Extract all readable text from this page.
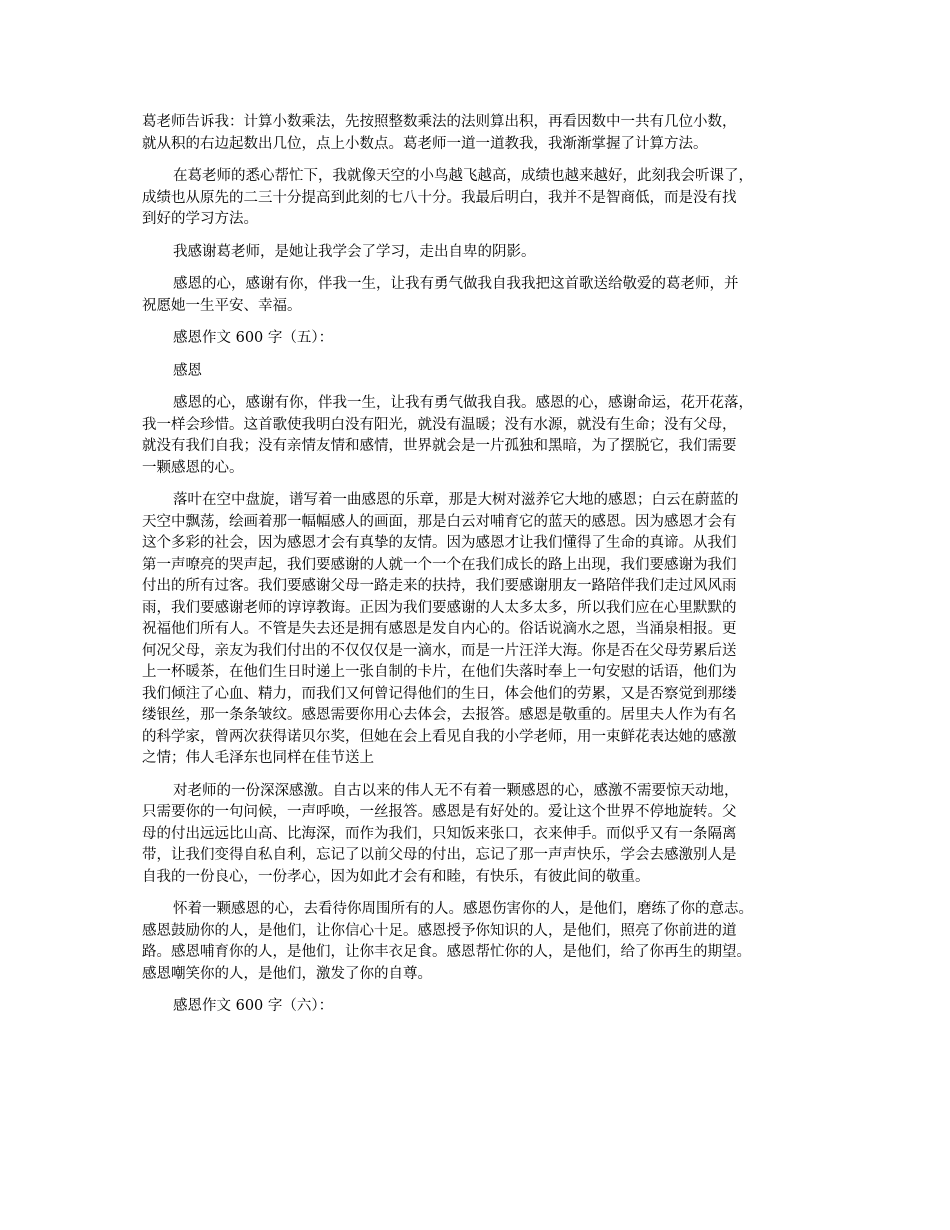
葛老师告诉我：计算小数乘法，先按照整数乘法的法则算出积，再看因数中一共有几位小数，
就从积的右边起数出几位，点上小数点。葛老师一道一道教我，我渐渐掌握了计算方法。
在葛老师的悉心帮忙下，我就像天空的小鸟越飞越高，成绩也越来越好，此刻我会听课了，
成绩也从原先的二三十分提高到此刻的七八十分。我最后明白，我并不是智商低，而是没有找
到好的学习方法。
我感谢葛老师，是她让我学会了学习，走出自卑的阴影。
感恩的心，感谢有你，伴我一生，让我有勇气做我自我我把这首歌送给敬爱的葛老师，并
祝愿她一生平安、幸福。
感恩作文 600 字（五）：
感恩
感恩的心，感谢有你，伴我一生，让我有勇气做我自我。感恩的心，感谢命运，花开花落，
我一样会珍惜。这首歌使我明白没有阳光，就没有温暖；没有水源，就没有生命；没有父母，
就没有我们自我；没有亲情友情和感情，世界就会是一片孤独和黑暗，为了摆脱它，我们需要
一颗感恩的心。
落叶在空中盘旋，谱写着一曲感恩的乐章，那是大树对滋养它大地的感恩；白云在蔚蓝的
天空中飘荡，绘画着那一幅幅感人的画面，那是白云对哺育它的蓝天的感恩。因为感恩才会有
这个多彩的社会，因为感恩才会有真挚的友情。因为感恩才让我们懂得了生命的真谛。从我们
第一声嘹亮的哭声起，我们要感谢的人就一个一个在我们成长的路上出现，我们要感谢为我们
付出的所有过客。我们要感谢父母一路走来的扶持，我们要感谢朋友一路陪伴我们走过风风雨
雨，我们要感谢老师的谆谆教诲。正因为我们要感谢的人太多太多，所以我们应在心里默默的
祝福他们所有人。不管是失去还是拥有感恩是发自内心的。俗话说滴水之恩，当涌泉相报。更
何况父母，亲友为我们付出的不仅仅仅是一滴水，而是一片汪洋大海。你是否在父母劳累后送
上一杯暖茶，在他们生日时递上一张自制的卡片，在他们失落时奉上一句安慰的话语，他们为
我们倾注了心血、精力，而我们又何曾记得他们的生日，体会他们的劳累，又是否察觉到那缕
缕银丝，那一条条皱纹。感恩需要你用心去体会，去报答。感恩是敬重的。居里夫人作为有名
的科学家，曾两次获得诺贝尔奖，但她在会上看见自我的小学老师，用一束鲜花表达她的感激
之情；伟人毛泽东也同样在佳节送上
对老师的一份深深感激。自古以来的伟人无不有着一颗感恩的心，感激不需要惊天动地，
只需要你的一句问候，一声呼唤，一丝报答。感恩是有好处的。爱让这个世界不停地旋转。父
母的付出远远比山高、比海深，而作为我们，只知饭来张口，衣来伸手。而似乎又有一条隔离
带，让我们变得自私自利，忘记了以前父母的付出，忘记了那一声声快乐，学会去感激别人是
自我的一份良心，一份孝心，因为如此才会有和睦，有快乐，有彼此间的敬重。
怀着一颗感恩的心，去看待你周围所有的人。感恩伤害你的人，是他们，磨练了你的意志。
感恩鼓励你的人，是他们，让你信心十足。感恩授予你知识的人，是他们，照亮了你前进的道
路。感恩哺育你的人，是他们，让你丰衣足食。感恩帮忙你的人，是他们，给了你再生的期望。
感恩嘲笑你的人，是他们，激发了你的自尊。
感恩作文 600 字（六）：
